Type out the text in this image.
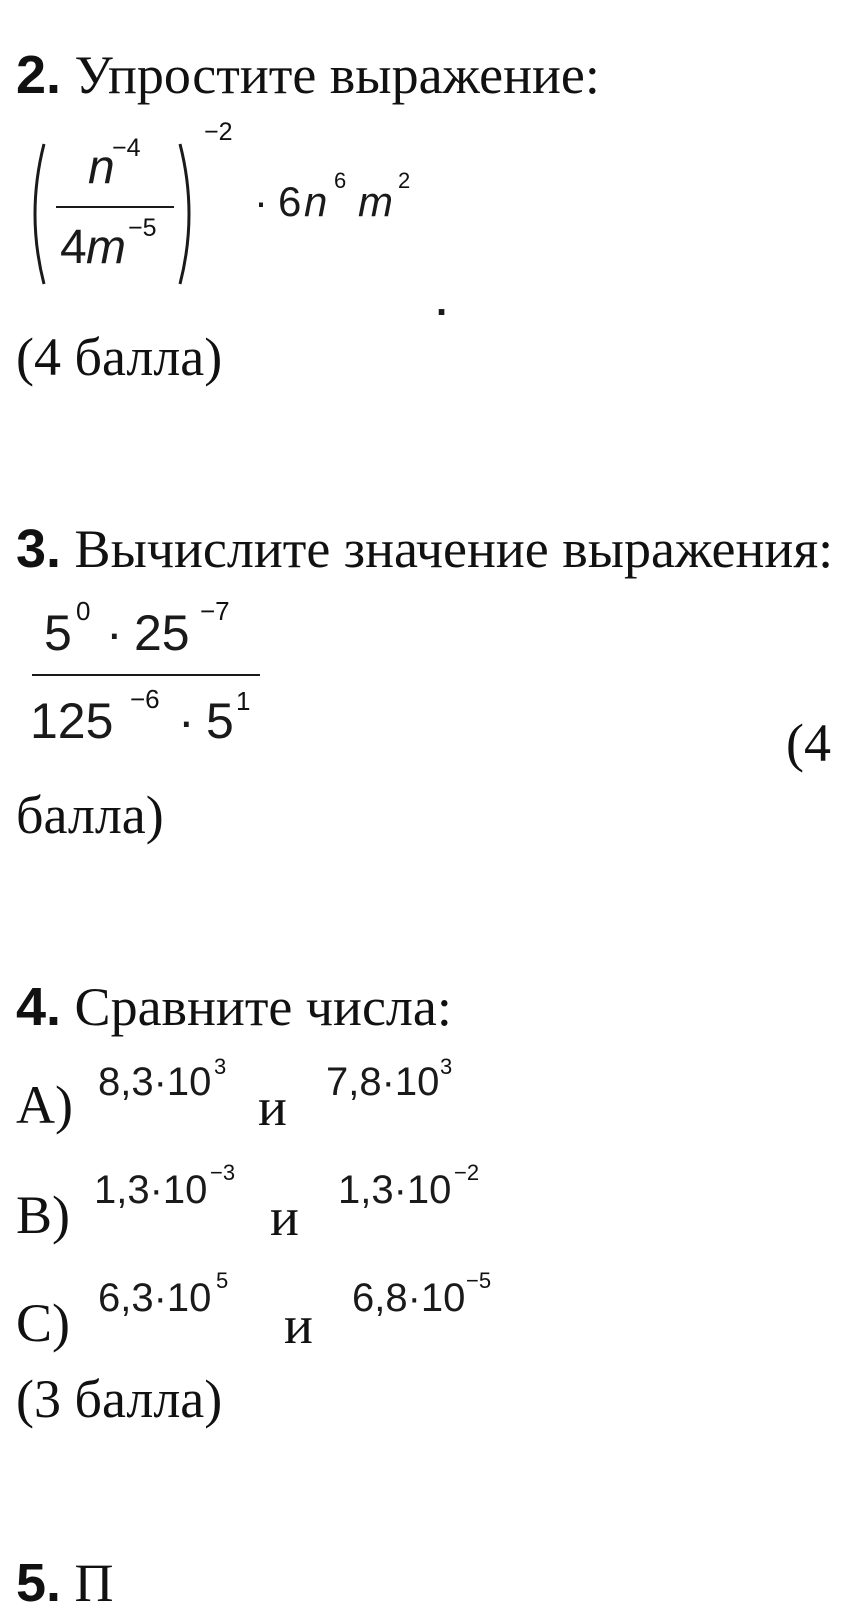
2. Упростите выражение:
n
−4
4 m −5
−2
· 6 n 6 m 2
.
(4 балла)
3. Вычислите значение выражения:
5 0 · 25 −7
125 −6 · 5 1
(4
балла)
4. Сравните числа:
A) 8,3·10 3
и 7,8·10 3
B) 1,3·10 −3
и 1,3·10 −2
C) 6,3·10 5
и 6,8·10 −5
(3 балла)
5. П
